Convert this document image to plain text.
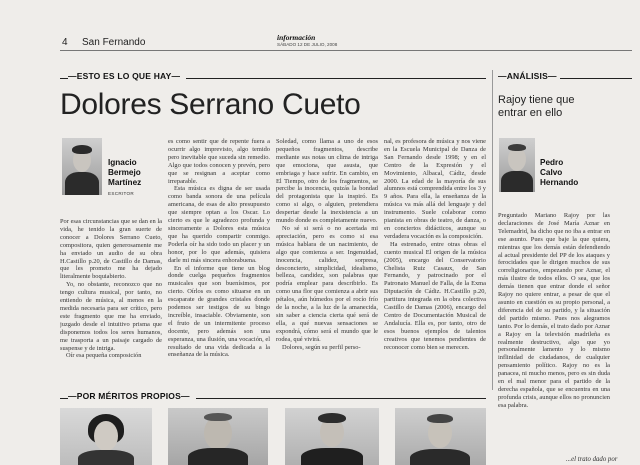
4 San Fernando	información
SÁBADO 12 DE JULIO, 2008
—ESTO ES LO QUE HAY—
Dolores Serrano Cueto
Ignacio
Bermejo
Martínez
ESCRITOR

Por esas circunstancias que se dan en la vida, he tenido la gran suerte de conocer a Dolores Serrano Cueto, compositora, quien generosamente me ha enviado un audio de su obra H.Castillo p.20, de Castillo de Damas, que les prometo me ha dejado literalmente boquiabierto.

Yo, no obstante, reconozco que no tengo cultura musical, por tanto, no entiendo de música, al menos en la medida necesaria para ser crítico, pero este fragmento que me ha enviado, juzgado desde el intuitivo prisma que disponemos todos los seres humanos, me trasporta a un paisaje cargado de suspense y de intriga.

Oír esa pequeña composición

es como sentir que de repente fuera a ocurrir algo imprevisto, algo temido pero inevitable que suceda sin remedio. Algo que todos conocen y prevén, pero que se resignan a aceptar como irreparable.

Esta música es digna de ser usada como banda sonora de una película americana, de esas de alto presupuesto que siempre optan a los Oscar. Lo cierto es que le agradezco profunda y sinceramente a Dolores esta música que ha querido compartir conmigo. Poderla oír ha sido todo un placer y un honor, por lo que además, quisiera darle mi más sincera enhorabuena.

En el informe que tiene un blog donde cuelga pequeños fragmentos musicales que son buenísimos, por cierto. Oírlos es como situarse en un escaparate de grandes cristales donde podemos ser testigos de su bingo increíble, insaciable. Obviamente, son el fruto de un intermitente proceso docente, pero además son una esperanza, una ilusión, una vocación, el resultado de una vida dedicada a la enseñanza de la música.

Soledad, como llama a uno de esos pequeños fragmentos, describe mediante sus notas un clima de intriga que emociona, que asusta, que embriaga y hace sufrir. En cambio, en El Tiempo, otro de los fragmentos, se percibe la inocencia, quizás la bondad del protagonista que la inspiró. Es como si algo, o alguien, pretendiera despertar desde la inexistencia a un mundo donde es completamente nuevo.

No sé si será o no acertada mi apreciación, pero es como si esa música hablara de un nacimiento, de algo que comienza a ser. Ingenuidad, inocencia, calidez, sorpresa, desconcierto, simplicidad, idealismo, belleza, candidez, son palabras que podría emplear para describirlo. Es como una flor que comienza a abrir sus pétalos, aún húmedos por el rocío frío de la noche, a la luz de la amanecida, sin saber a ciencia cierta qué será de ella, a qué nuevas sensaciones se expondrá, cómo será el mundo que le rodea, qué vivirá.

Dolores, según su perfil perso-

nal, es profesora de música y nos viene en la Escuela Municipal de Danza de San Fernando desde 1998; y en el Centro de la Expresión y el Movimiento, Albacal, Cádiz, desde 2000. La edad de la mayoría de sus alumnos está comprendida entre los 3 y 9 años. Para ella, la enseñanza de la música va más allá del lenguaje y del instrumento. Suele colaborar como pianista en obras de teatro, de danza, o en conciertos didácticos, aunque su verdadera vocación es la composición.

Ha estrenado, entre otras obras el cuento musical El origen de la música (2005), encargo del Conservatorio Chelista Ruiz Casaux, de San Fernando, y patrocinado por el Patronato Manuel de Falla, de la Exma Diputación de Cádiz. H.Castillo p.20, partitura integrada en la obra colectiva Castillo de Damas (2006), encargo del Centro de Documentación Musical de Andalucía. Ella es, por tanto, otro de esos buenos ejemplos de talentos creativos que tenemos pendientes de reconocer como bien se merecen.

—ANÁLISIS—
Rajoy tiene que
entrar en ello
Pedro
Calvo
Hernando

Preguntado Mariano Rajoy por las declaraciones de José María Aznar en Telemadrid, ha dicho que no iba a entrar en ese asunto. Pues que baje la que quiera, mientras que los demás están defendiendo al actual presidente del PP de los ataques y ferocidades que le dirigen muchos de sus correligionarios, empezando por Aznar, el más ilustre de todos ellos. O sea, que los demás tienen que entrar donde el señor Rajoy no quiere entrar, a pesar de que el asunto en cuestión es su propio personal, a diferencia del de su partido, y la situación del partido mismo. Pues nos alegramos tanto. Por lo demás, el trato dado por Aznar a Rajoy en la televisión madrileña es realmente destructivo, algo que yo personalmente lamento y lo mismo inflinidad de ciudadanos, de cualquier pensamiento político. Rajoy no es la panacea, ni mucho menos, pero es sin duda en el mal menor para el partido de la derecha española, que se encuentra en una profunda crisis, aunque ellos no pronuncien esa palabra.

...el trato dado por
—POR MÉRITOS PROPIOS—
